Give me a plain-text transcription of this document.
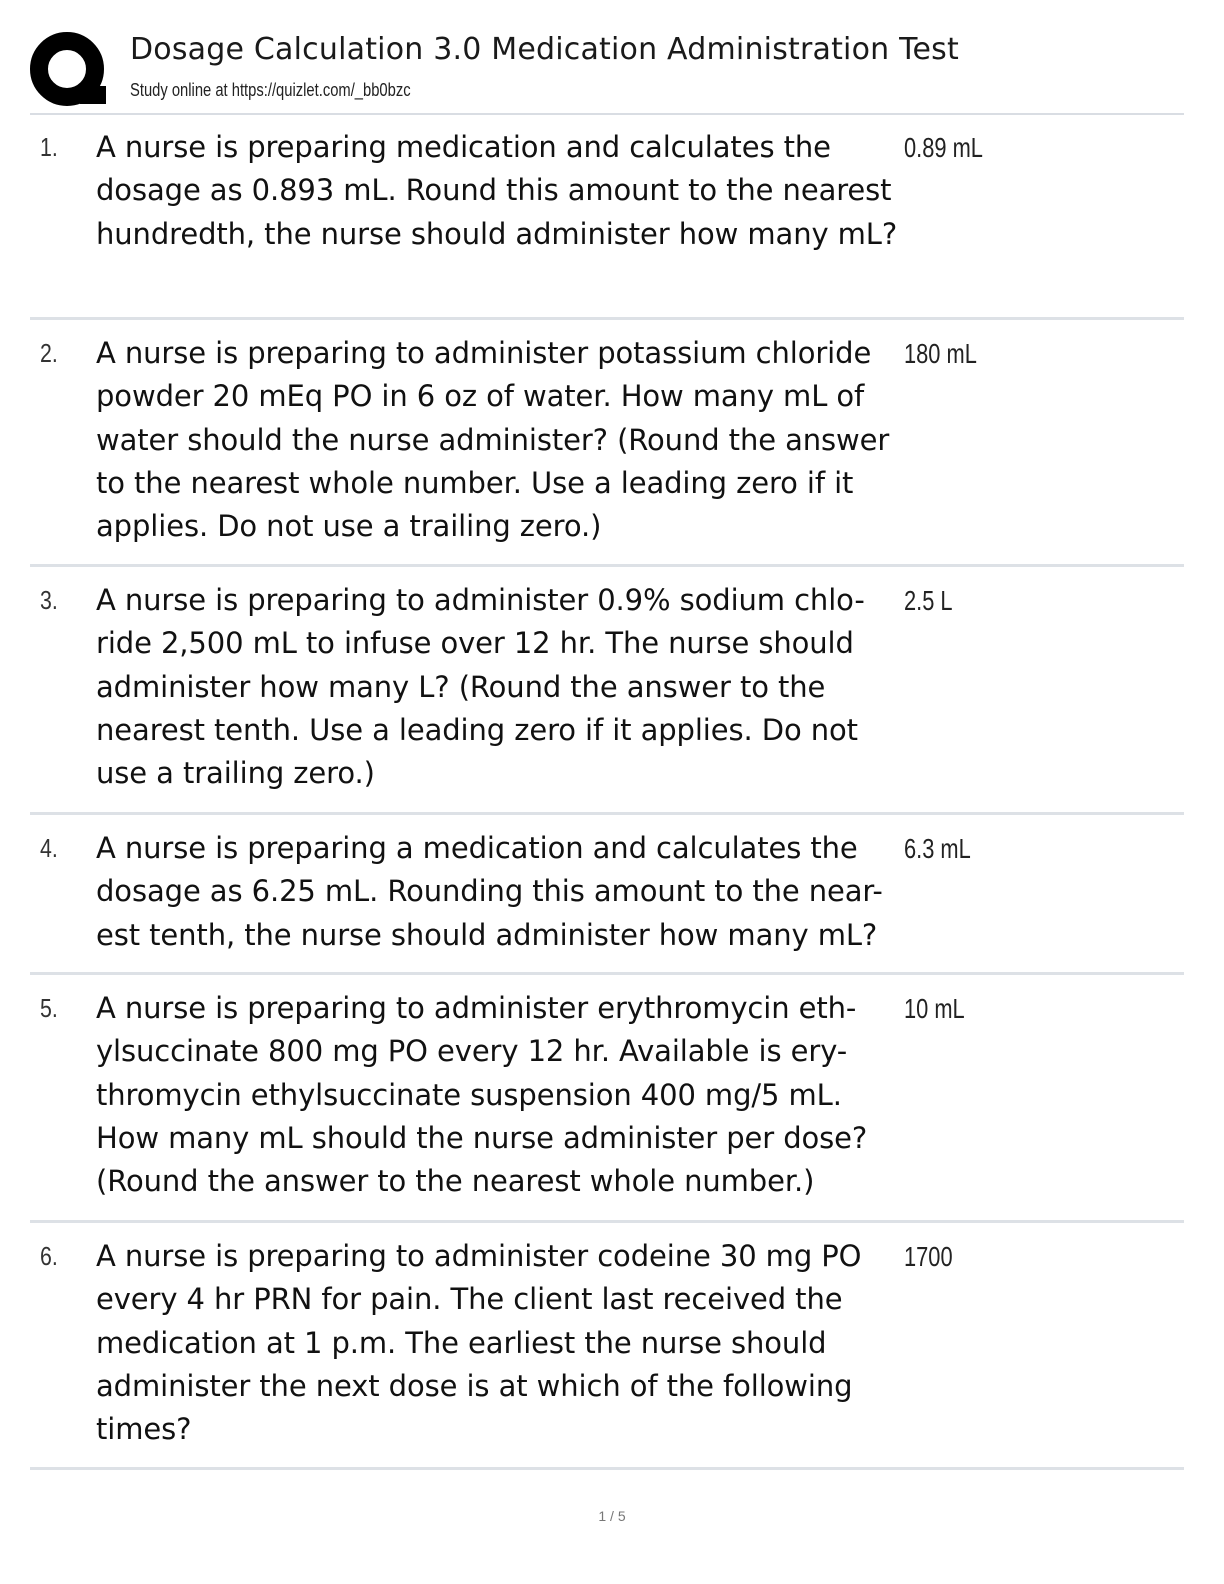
Dosage Calculation 3.0 Medication Administration Test
Study online at https://quizlet.com/_bb0bzc
1. A nurse is preparing medication and calculates the dosage as 0.893 mL. Round this amount to the nearest hundredth, the nurse should administer how many mL?
0.89 mL
2. A nurse is preparing to administer potassium chloride powder 20 mEq PO in 6 oz of water. How many mL of water should the nurse administer? (Round the answer to the nearest whole number. Use a leading zero if it applies. Do not use a trailing zero.)
180 mL
3. A nurse is preparing to administer 0.9% sodium chlo-ride 2,500 mL to infuse over 12 hr. The nurse should administer how many L? (Round the answer to the nearest tenth. Use a leading zero if it applies. Do not use a trailing zero.)
2.5 L
4. A nurse is preparing a medication and calculates the dosage as 6.25 mL. Rounding this amount to the near-est tenth, the nurse should administer how many mL?
6.3 mL
5. A nurse is preparing to administer erythromycin eth-ylsuccinate 800 mg PO every 12 hr. Available is ery-thromycin ethylsuccinate suspension 400 mg/5 mL. How many mL should the nurse administer per dose? (Round the answer to the nearest whole number.)
10 mL
6. A nurse is preparing to administer codeine 30 mg PO every 4 hr PRN for pain. The client last received the medication at 1 p.m. The earliest the nurse should administer the next dose is at which of the following times?
1700
1 / 5
